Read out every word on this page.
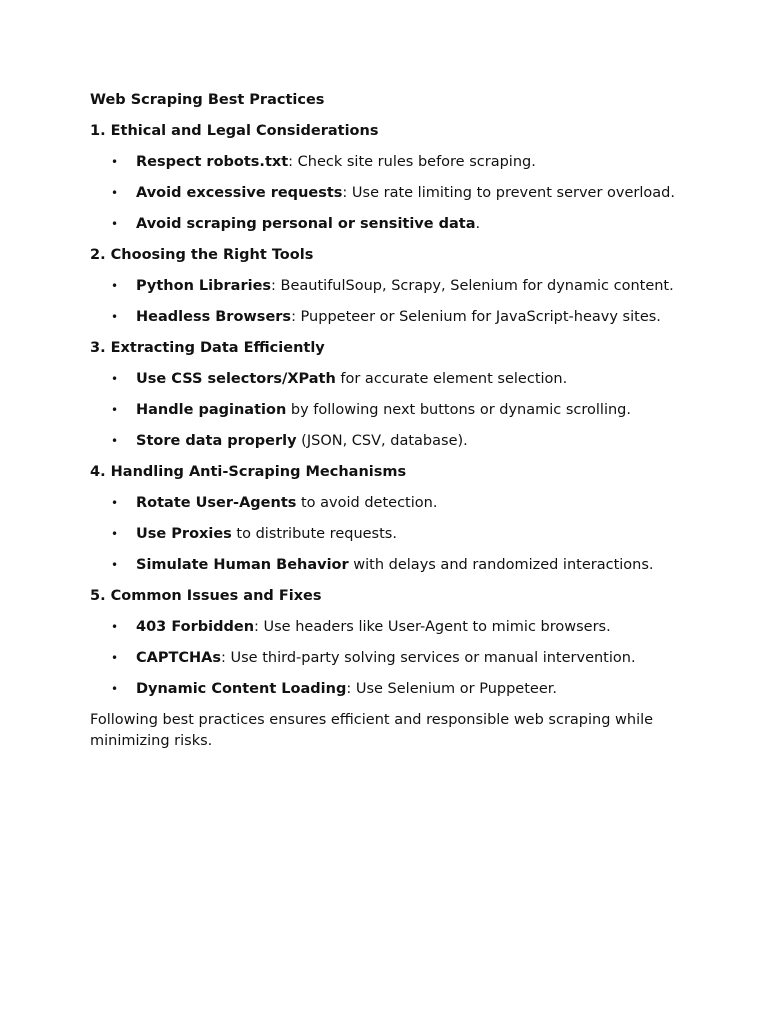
Web Scraping Best Practices
1. Ethical and Legal Considerations
• Respect robots.txt: Check site rules before scraping.
• Avoid excessive requests: Use rate limiting to prevent server overload.
• Avoid scraping personal or sensitive data.
2. Choosing the Right Tools
• Python Libraries: BeautifulSoup, Scrapy, Selenium for dynamic content.
• Headless Browsers: Puppeteer or Selenium for JavaScript-heavy sites.
3. Extracting Data Efficiently
• Use CSS selectors/XPath for accurate element selection.
• Handle pagination by following next buttons or dynamic scrolling.
• Store data properly (JSON, CSV, database).
4. Handling Anti-Scraping Mechanisms
• Rotate User-Agents to avoid detection.
• Use Proxies to distribute requests.
• Simulate Human Behavior with delays and randomized interactions.
5. Common Issues and Fixes
• 403 Forbidden: Use headers like User-Agent to mimic browsers.
• CAPTCHAs: Use third-party solving services or manual intervention.
• Dynamic Content Loading: Use Selenium or Puppeteer.

Following best practices ensures efficient and responsible web scraping while minimizing risks.
